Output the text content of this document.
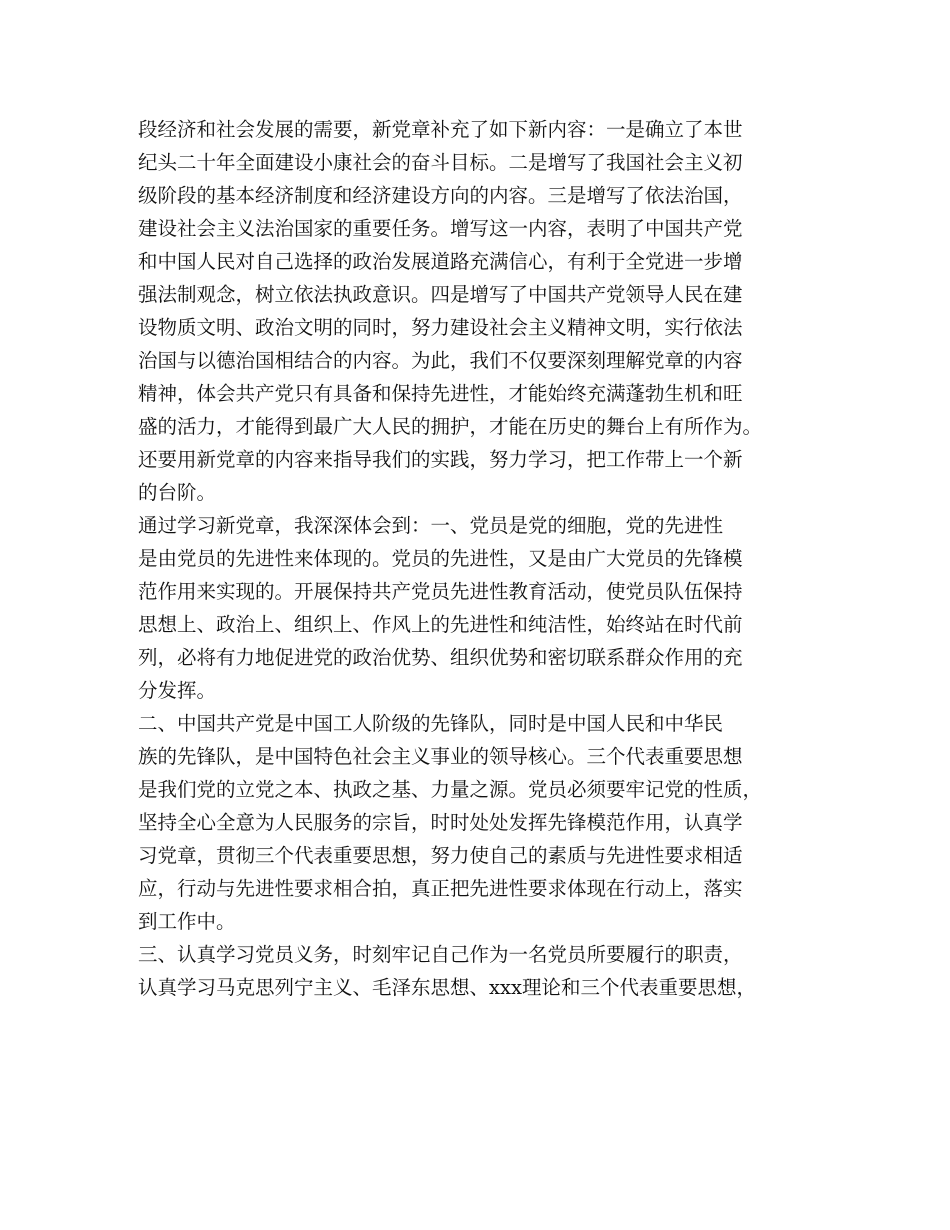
段经济和社会发展的需要，新党章补充了如下新内容：一是确立了本世
纪头二十年全面建设小康社会的奋斗目标。二是增写了我国社会主义初
级阶段的基本经济制度和经济建设方向的内容。三是增写了依法治国，
建设社会主义法治国家的重要任务。增写这一内容，表明了中国共产党
和中国人民对自己选择的政治发展道路充满信心，有利于全党进一步增
强法制观念，树立依法执政意识。四是增写了中国共产党领导人民在建
设物质文明、政治文明的同时，努力建设社会主义精神文明，实行依法
治国与以德治国相结合的内容。为此，我们不仅要深刻理解党章的内容
精神，体会共产党只有具备和保持先进性，才能始终充满蓬勃生机和旺
盛的活力，才能得到最广大人民的拥护，才能在历史的舞台上有所作为。
还要用新党章的内容来指导我们的实践，努力学习，把工作带上一个新
的台阶。
通过学习新党章，我深深体会到：一、党员是党的细胞，党的先进性
是由党员的先进性来体现的。党员的先进性，又是由广大党员的先锋模
范作用来实现的。开展保持共产党员先进性教育活动，使党员队伍保持
思想上、政治上、组织上、作风上的先进性和纯洁性，始终站在时代前
列，必将有力地促进党的政治优势、组织优势和密切联系群众作用的充
分发挥。
二、中国共产党是中国工人阶级的先锋队，同时是中国人民和中华民
族的先锋队，是中国特色社会主义事业的领导核心。三个代表重要思想
是我们党的立党之本、执政之基、力量之源。党员必须要牢记党的性质，
坚持全心全意为人民服务的宗旨，时时处处发挥先锋模范作用，认真学
习党章，贯彻三个代表重要思想，努力使自己的素质与先进性要求相适
应，行动与先进性要求相合拍，真正把先进性要求体现在行动上，落实
到工作中。
三、认真学习党员义务，时刻牢记自己作为一名党员所要履行的职责，
认真学习马克思列宁主义、毛泽东思想、xxx理论和三个代表重要思想，
